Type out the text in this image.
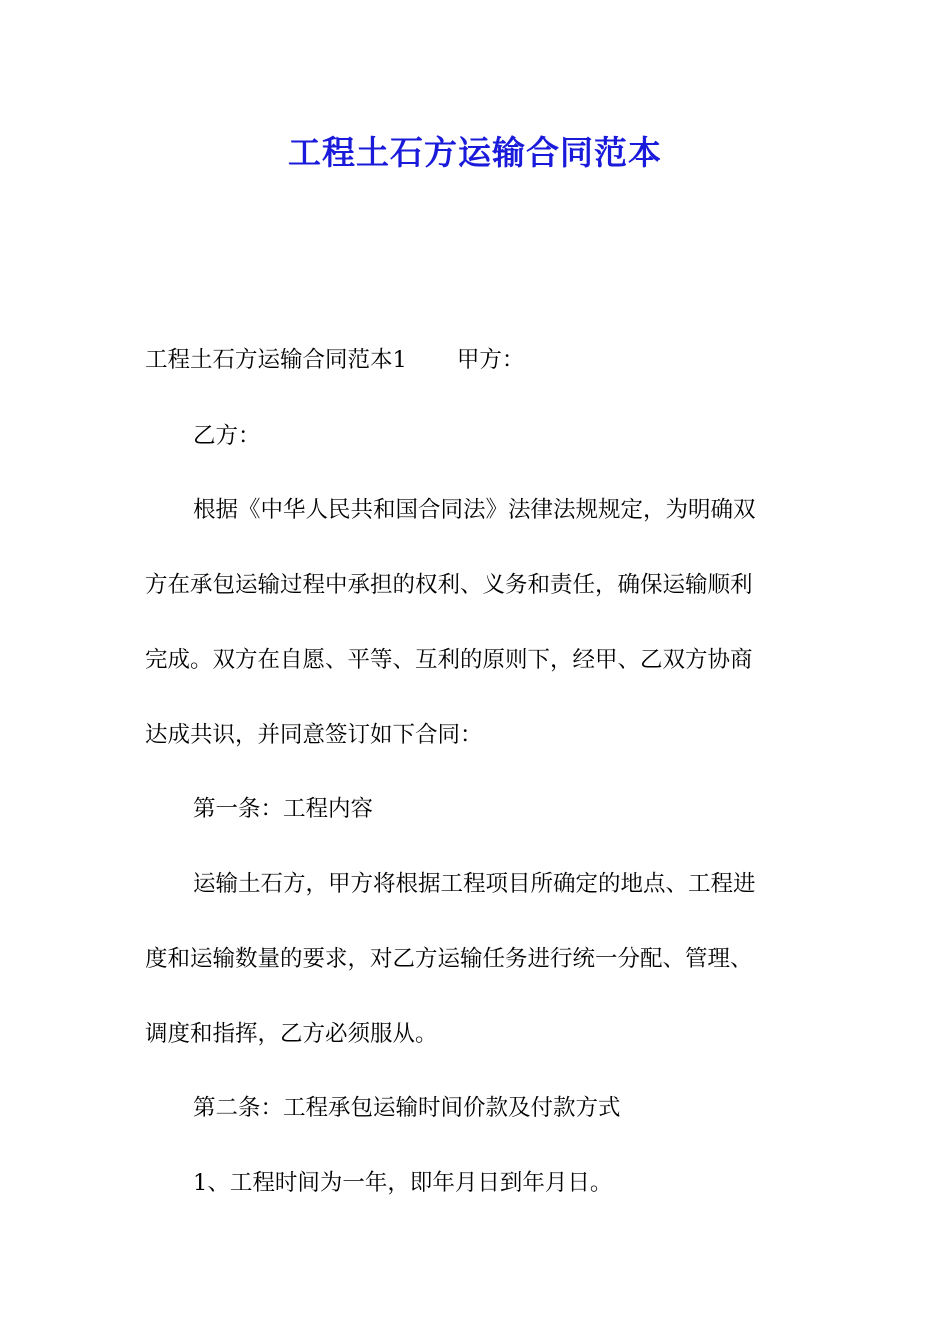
工程土石方运输合同范本

工程土石方运输合同范本1 甲方：

乙方：

根据《中华人民共和国合同法》法律法规规定，为明确双

方在承包运输过程中承担的权利、义务和责任，确保运输顺利

完成。双方在自愿、平等、互利的原则下，经甲、乙双方协商

达成共识，并同意签订如下合同：

第一条：工程内容

运输土石方，甲方将根据工程项目所确定的地点、工程进

度和运输数量的要求，对乙方运输任务进行统一分配、管理、

调度和指挥，乙方必须服从。

第二条：工程承包运输时间价款及付款方式

1、工程时间为一年，即年月日到年月日。
